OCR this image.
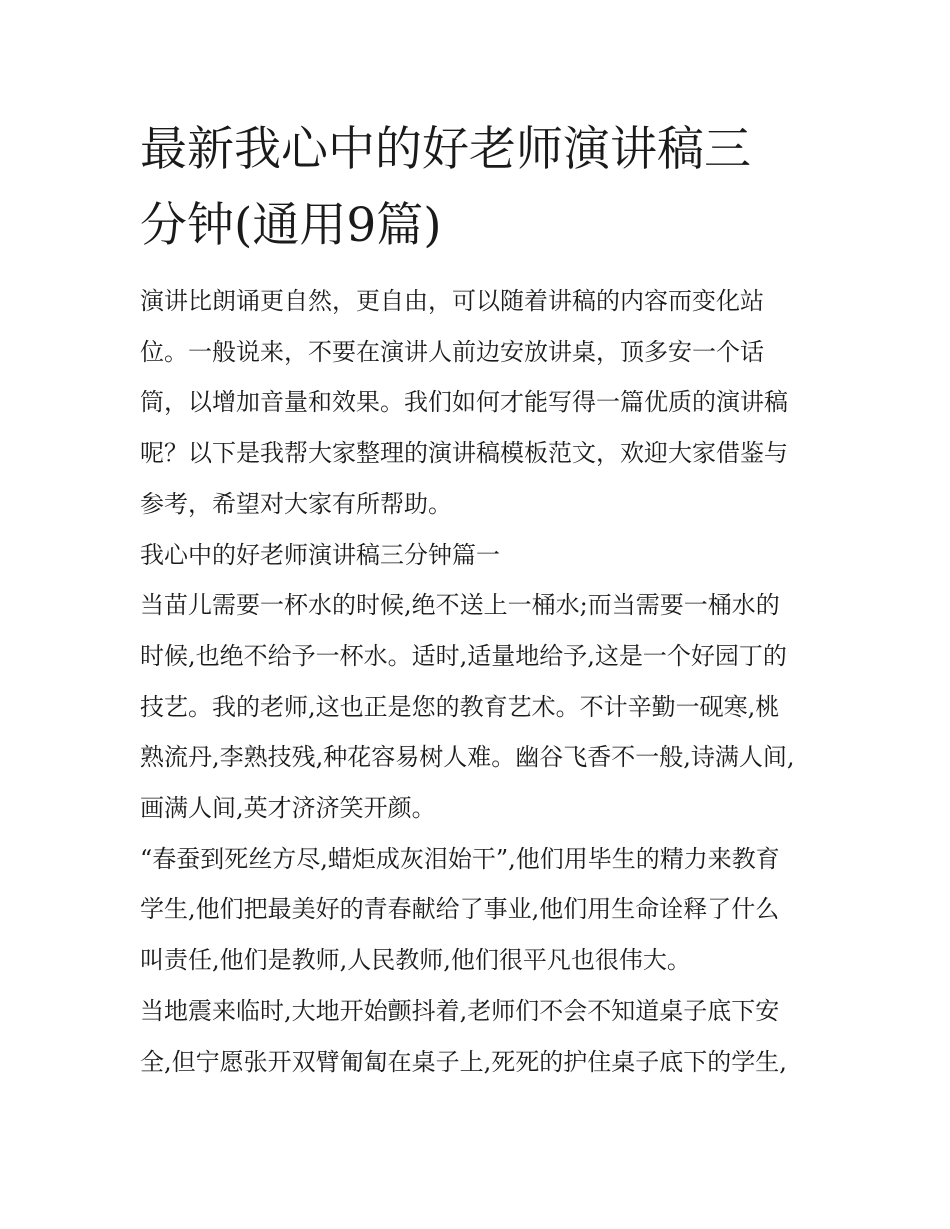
最新我心中的好老师演讲稿三
分钟(通用9篇)

演讲比朗诵更自然，更自由，可以随着讲稿的内容而变化站
位。一般说来，不要在演讲人前边安放讲桌，顶多安一个话
筒，以增加音量和效果。我们如何才能写得一篇优质的演讲稿
呢？以下是我帮大家整理的演讲稿模板范文，欢迎大家借鉴与
参考，希望对大家有所帮助。

我心中的好老师演讲稿三分钟篇一

当苗儿需要一杯水的时候,绝不送上一桶水;而当需要一桶水的
时候,也绝不给予一杯水。适时,适量地给予,这是一个好园丁的
技艺。我的老师,这也正是您的教育艺术。不计辛勤一砚寒,桃
熟流丹,李熟技残,种花容易树人难。幽谷飞香不一般,诗满人间,
画满人间,英才济济笑开颜。

“春蚕到死丝方尽,蜡炬成灰泪始干”,他们用毕生的精力来教育
学生,他们把最美好的青春献给了事业,他们用生命诠释了什么
叫责任,他们是教师,人民教师,他们很平凡也很伟大。

当地震来临时,大地开始颤抖着,老师们不会不知道桌子底下安
全,但宁愿张开双臂匍匐在桌子上,死死的护住桌子底下的学生,
